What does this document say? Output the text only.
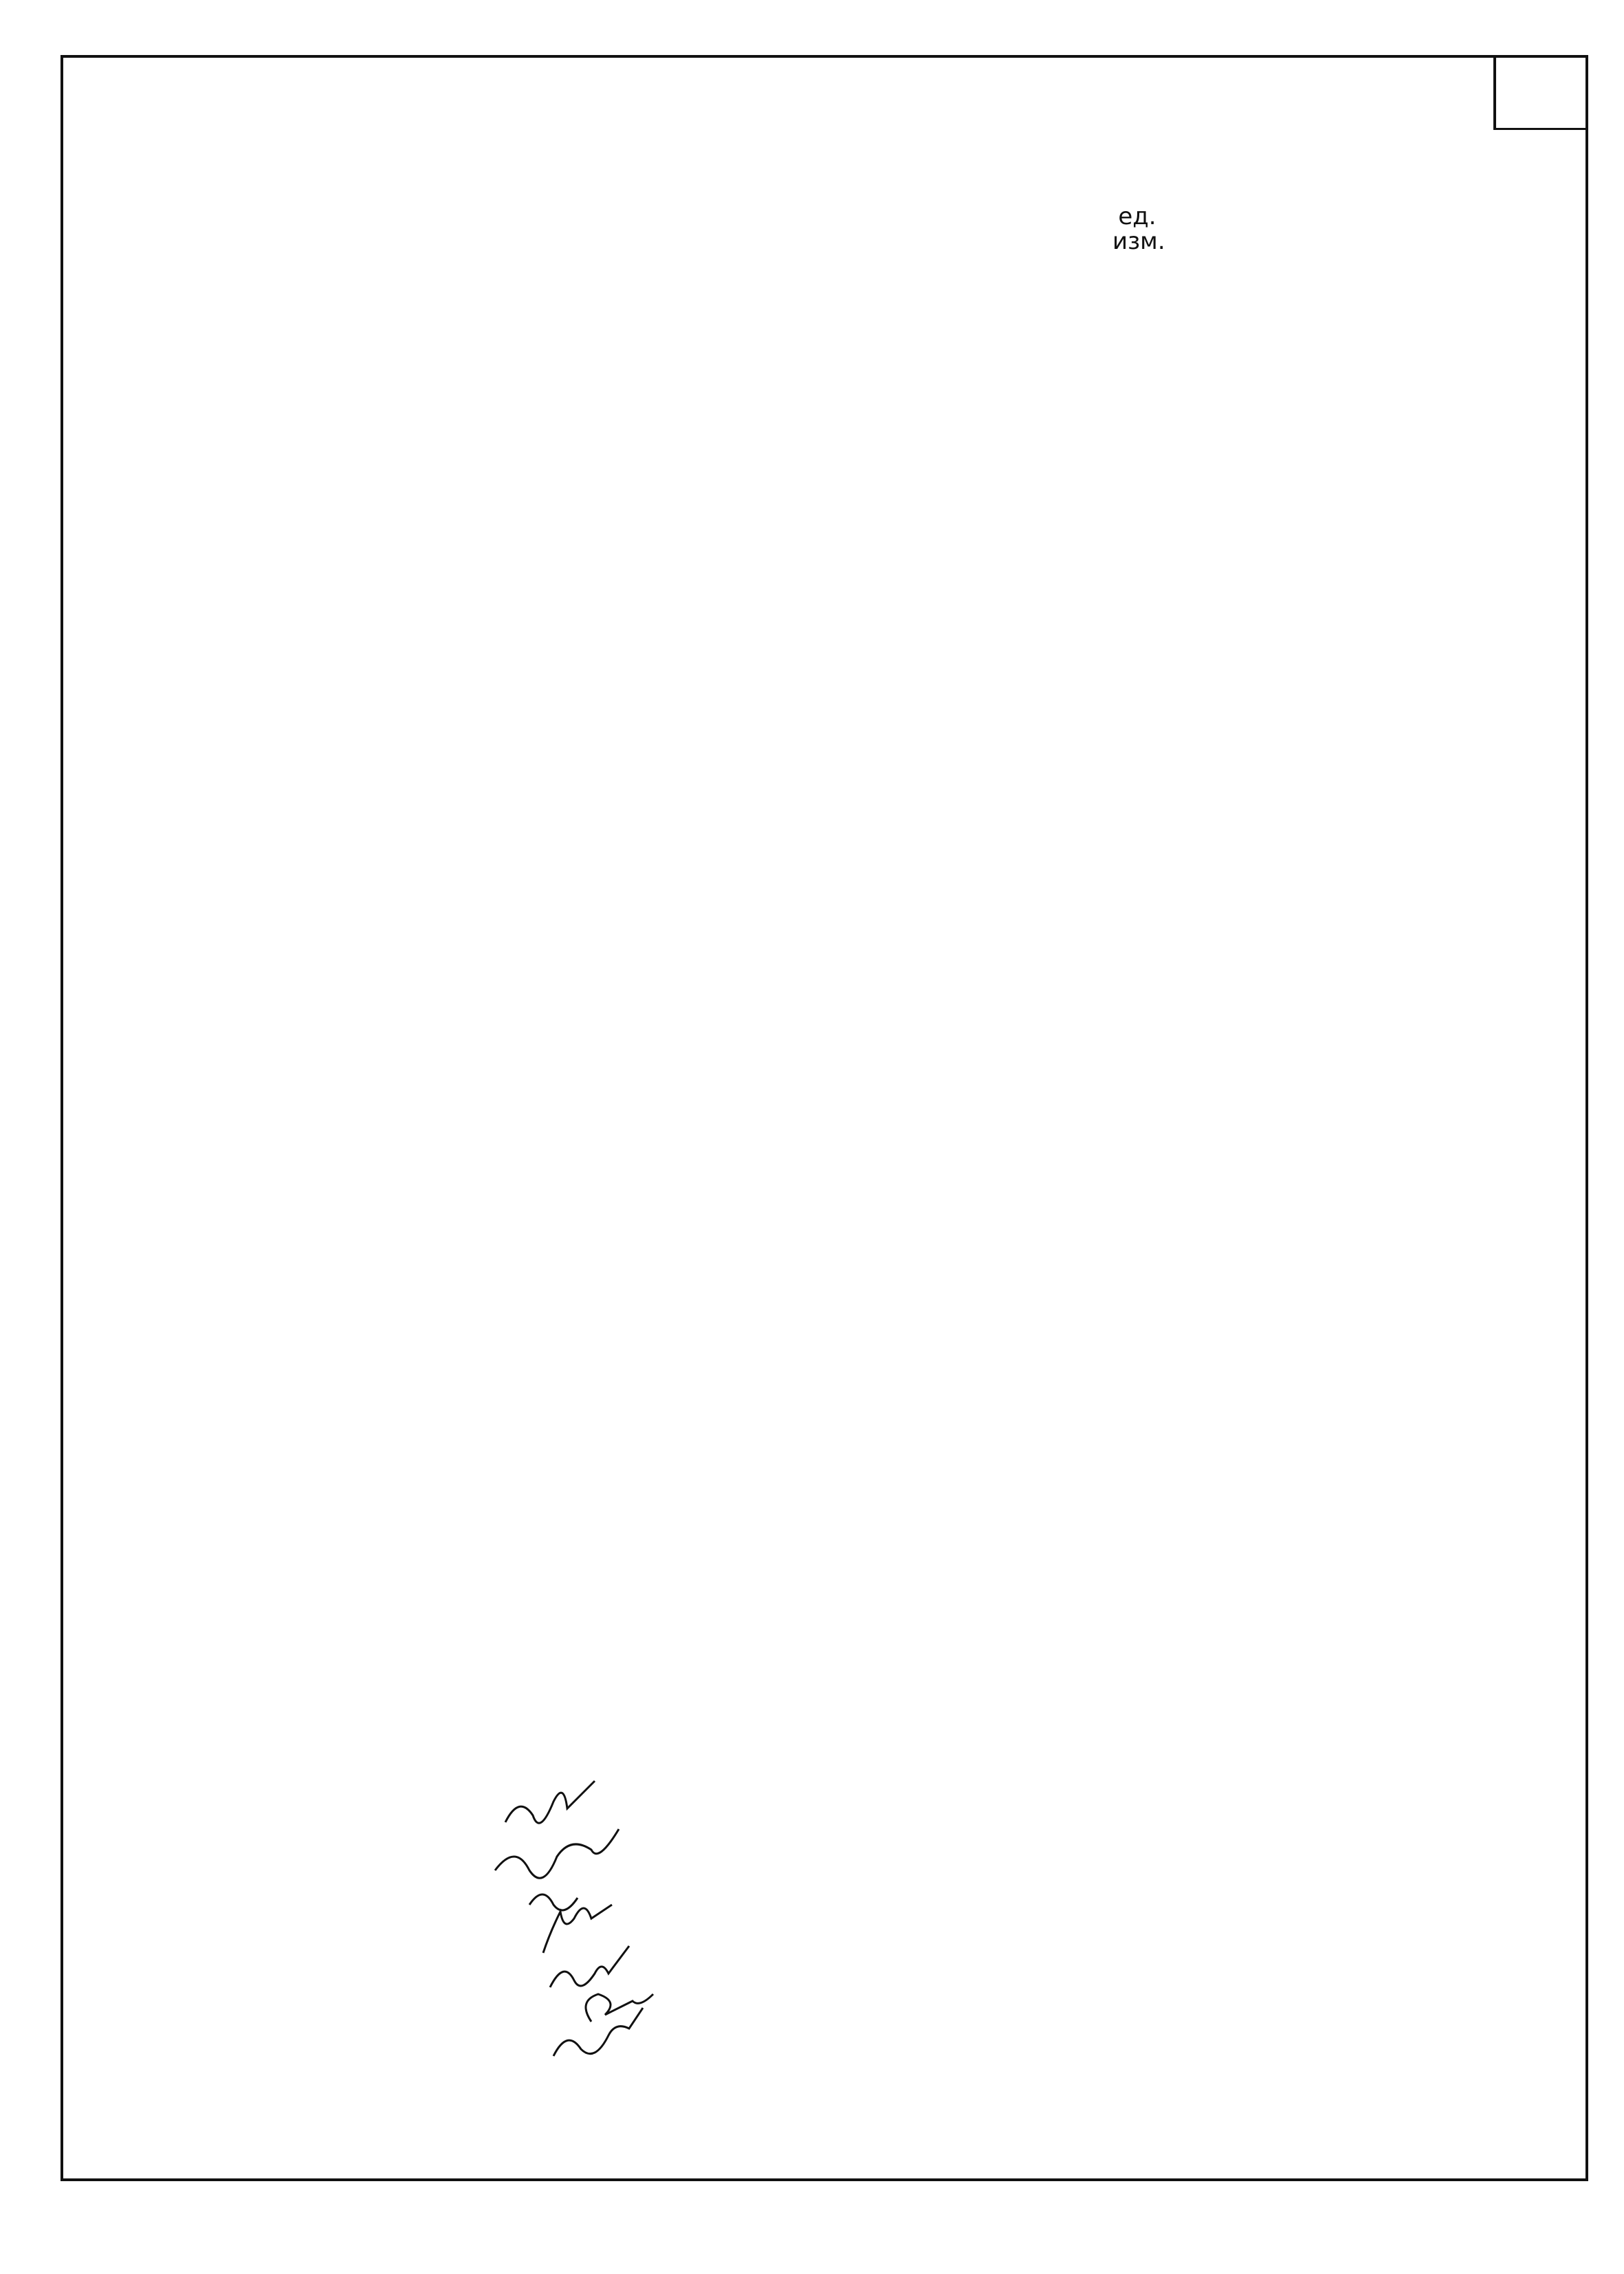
ед.
изм.
